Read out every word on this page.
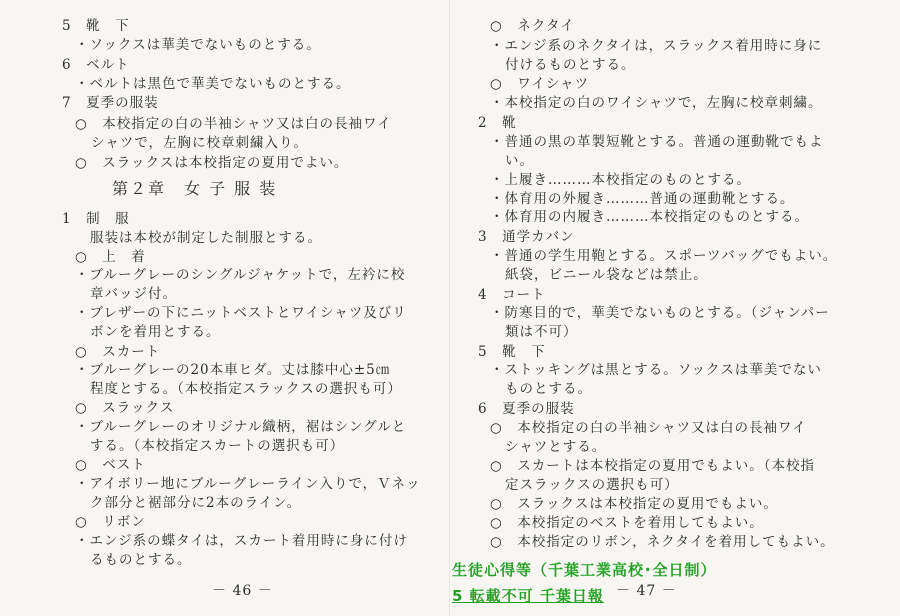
5　靴　下
・ソックスは華美でないものとする。
6　ベルト
・ベルトは黒色で華美でないものとする。
7　夏季の服装
○　本校指定の白の半袖シャツ又は白の長袖ワイ
シャツで，左胸に校章刺繍入り。
○　スラックスは本校指定の夏用でよい。
第２章　女 子 服 装
1　制　服
服装は本校が制定した制服とする。
○　上　着
・ブルーグレーのシングルジャケットで，左衿に校
章バッジ付。
・ブレザーの下にニットベストとワイシャツ及びリ
ボンを着用とする。
○　スカート
・ブルーグレーの20本車ヒダ。丈は膝中心±5㎝
程度とする。（本校指定スラックスの選択も可）
○　スラックス
・ブルーグレーのオリジナル織柄，裾はシングルと
する。（本校指定スカートの選択も可）
○　ベスト
・アイボリー地にブルーグレーライン入りで，Ｖネッ
ク部分と裾部分に2本のライン。
○　リボン
・エンジ系の蝶タイは，スカート着用時に身に付け
るものとする。
－ 46 －
○　ネクタイ
・エンジ系のネクタイは，スラックス着用時に身に
付けるものとする。
○　ワイシャツ
・本校指定の白のワイシャツで，左胸に校章刺繍。
2　靴
・普通の黒の革製短靴とする。普通の運動靴でもよ
い。
・上履き………本校指定のものとする。
・体育用の外履き………普通の運動靴とする。
・体育用の内履き………本校指定のものとする。
3　通学カバン
・普通の学生用鞄とする。スポーツバッグでもよい。
紙袋，ビニール袋などは禁止。
4　コート
・防寒目的で，華美でないものとする。（ジャンパー
類は不可）
5　靴　下
・ストッキングは黒とする。ソックスは華美でない
ものとする。
6　夏季の服装
○　本校指定の白の半袖シャツ又は白の長袖ワイ
シャツとする。
○　スカートは本校指定の夏用でもよい。（本校指
定スラックスの選択も可）
○　スラックスは本校指定の夏用でもよい。
○　本校指定のベストを着用してもよい。
○　本校指定のリボン，ネクタイを着用してもよい。
生徒心得等（千葉工業高校･全日制）
5 転載不可 千葉日報 － 47 －
